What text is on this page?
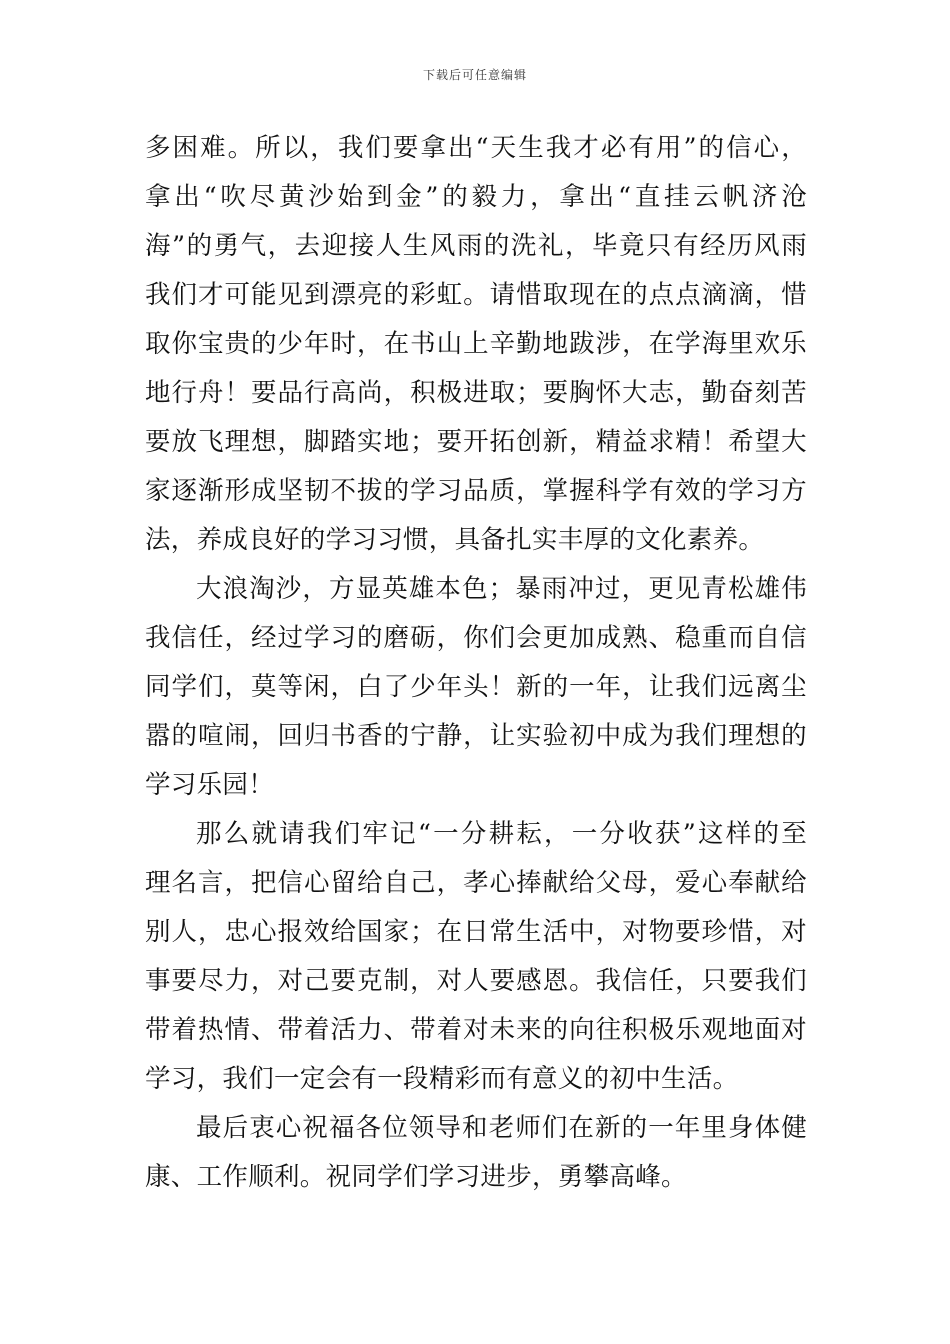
下载后可任意编辑
多困难。所以，我们要拿出“天生我才必有用”的信心，
拿出“吹尽黄沙始到金”的毅力，拿出“直挂云帆济沧
海”的勇气，去迎接人生风雨的洗礼，毕竟只有经历风雨
我们才可能见到漂亮的彩虹。请惜取现在的点点滴滴，惜
取你宝贵的少年时，在书山上辛勤地跋涉，在学海里欢乐
地行舟！要品行高尚，积极进取；要胸怀大志，勤奋刻苦
要放飞理想，脚踏实地；要开拓创新，精益求精！希望大
家逐渐形成坚韧不拔的学习品质，掌握科学有效的学习方
法，养成良好的学习习惯，具备扎实丰厚的文化素养。
大浪淘沙，方显英雄本色；暴雨冲过，更见青松雄伟
我信任，经过学习的磨砺，你们会更加成熟、稳重而自信
同学们，莫等闲，白了少年头！新的一年，让我们远离尘
嚣的喧闹，回归书香的宁静，让实验初中成为我们理想的
学习乐园！
那么就请我们牢记“一分耕耘，一分收获”这样的至
理名言，把信心留给自己，孝心捧献给父母，爱心奉献给
别人，忠心报效给国家；在日常生活中，对物要珍惜，对
事要尽力，对己要克制，对人要感恩。我信任，只要我们
带着热情、带着活力、带着对未来的向往积极乐观地面对
学习，我们一定会有一段精彩而有意义的初中生活。
最后衷心祝福各位领导和老师们在新的一年里身体健
康、工作顺利。祝同学们学习进步，勇攀高峰。
